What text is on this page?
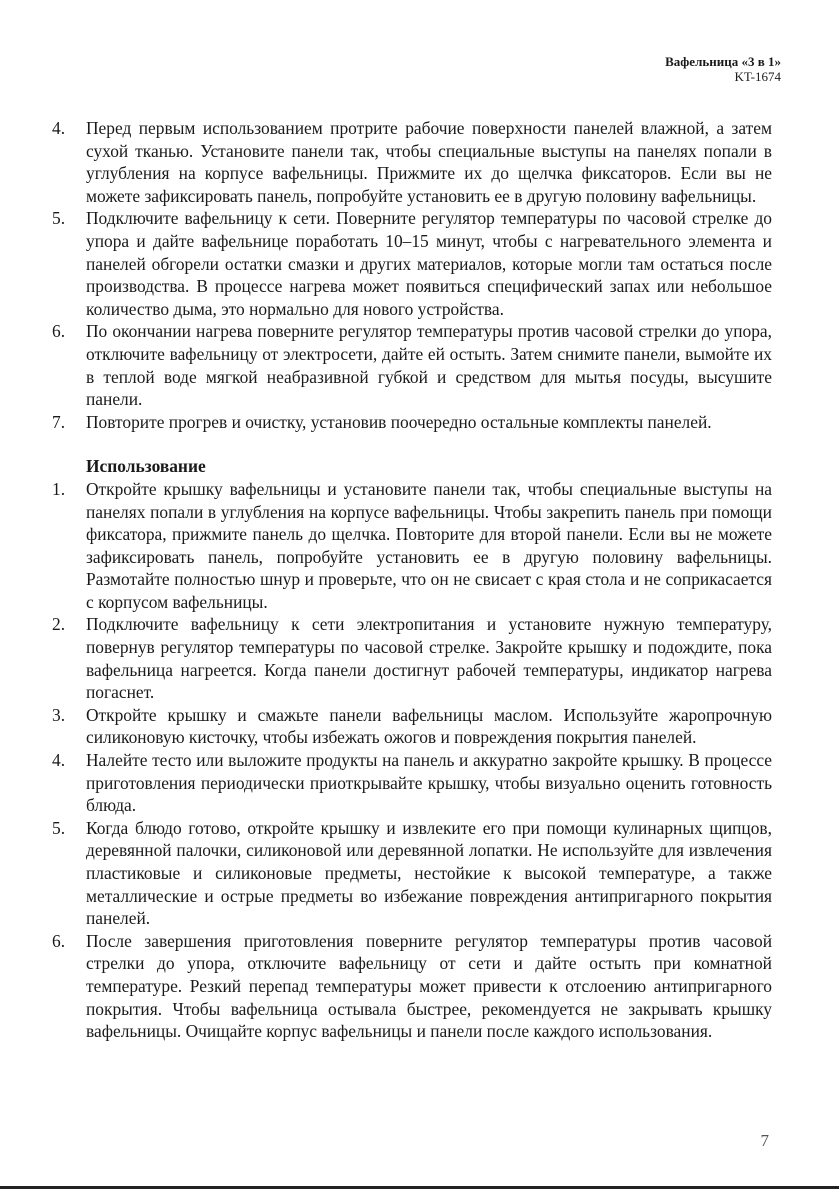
Вафельница «3 в 1»
KT-1674
4. Перед первым использованием протрите рабочие поверхности панелей влажной, а затем сухой тканью. Установите панели так, чтобы специальные выступы на панелях попали в углубления на корпусе вафельницы. Прижмите их до щелчка фиксаторов. Если вы не можете зафиксировать панель, попробуйте установить ее в другую половину вафельницы.
5. Подключите вафельницу к сети. Поверните регулятор температуры по часовой стрелке до упора и дайте вафельнице поработать 10–15 минут, чтобы с нагревательного элемента и панелей обгорели остатки смазки и других материалов, которые могли там остаться после производства. В процессе нагрева может появиться специфический запах или небольшое количество дыма, это нормально для нового устройства.
6. По окончании нагрева поверните регулятор температуры против часовой стрелки до упора, отключите вафельницу от электросети, дайте ей остыть. Затем снимите панели, вымойте их в теплой воде мягкой неабразивной губкой и средством для мытья посуды, высушите панели.
7. Повторите прогрев и очистку, установив поочередно остальные комплекты панелей.
Использование
1. Откройте крышку вафельницы и установите панели так, чтобы специальные выступы на панелях попали в углубления на корпусе вафельницы. Чтобы закрепить панель при помощи фиксатора, прижмите панель до щелчка. Повторите для второй панели. Если вы не можете зафиксировать панель, попробуйте установить ее в другую половину вафельницы. Размотайте полностью шнур и проверьте, что он не свисает с края стола и не соприкасается с корпусом вафельницы.
2. Подключите вафельницу к сети электропитания и установите нужную температуру, повернув регулятор температуры по часовой стрелке. Закройте крышку и подождите, пока вафельница нагреется. Когда панели достигнут рабочей температуры, индикатор нагрева погаснет.
3. Откройте крышку и смажьте панели вафельницы маслом. Используйте жаропрочную силиконовую кисточку, чтобы избежать ожогов и повреждения покрытия панелей.
4. Налейте тесто или выложите продукты на панель и аккуратно закройте крышку. В процессе приготовления периодически приоткрывайте крышку, чтобы визуально оценить готовность блюда.
5. Когда блюдо готово, откройте крышку и извлеките его при помощи кулинарных щипцов, деревянной палочки, силиконовой или деревянной лопатки. Не используйте для извлечения пластиковые и силиконовые предметы, нестойкие к высокой температуре, а также металлические и острые предметы во избежание повреждения антипригарного покрытия панелей.
6. После завершения приготовления поверните регулятор температуры против часовой стрелки до упора, отключите вафельницу от сети и дайте остыть при комнатной температуре. Резкий перепад температуры может привести к отслоению антипригарного покрытия. Чтобы вафельница остывала быстрее, рекомендуется не закрывать крышку вафельницы. Очищайте корпус вафельницы и панели после каждого использования.
7
